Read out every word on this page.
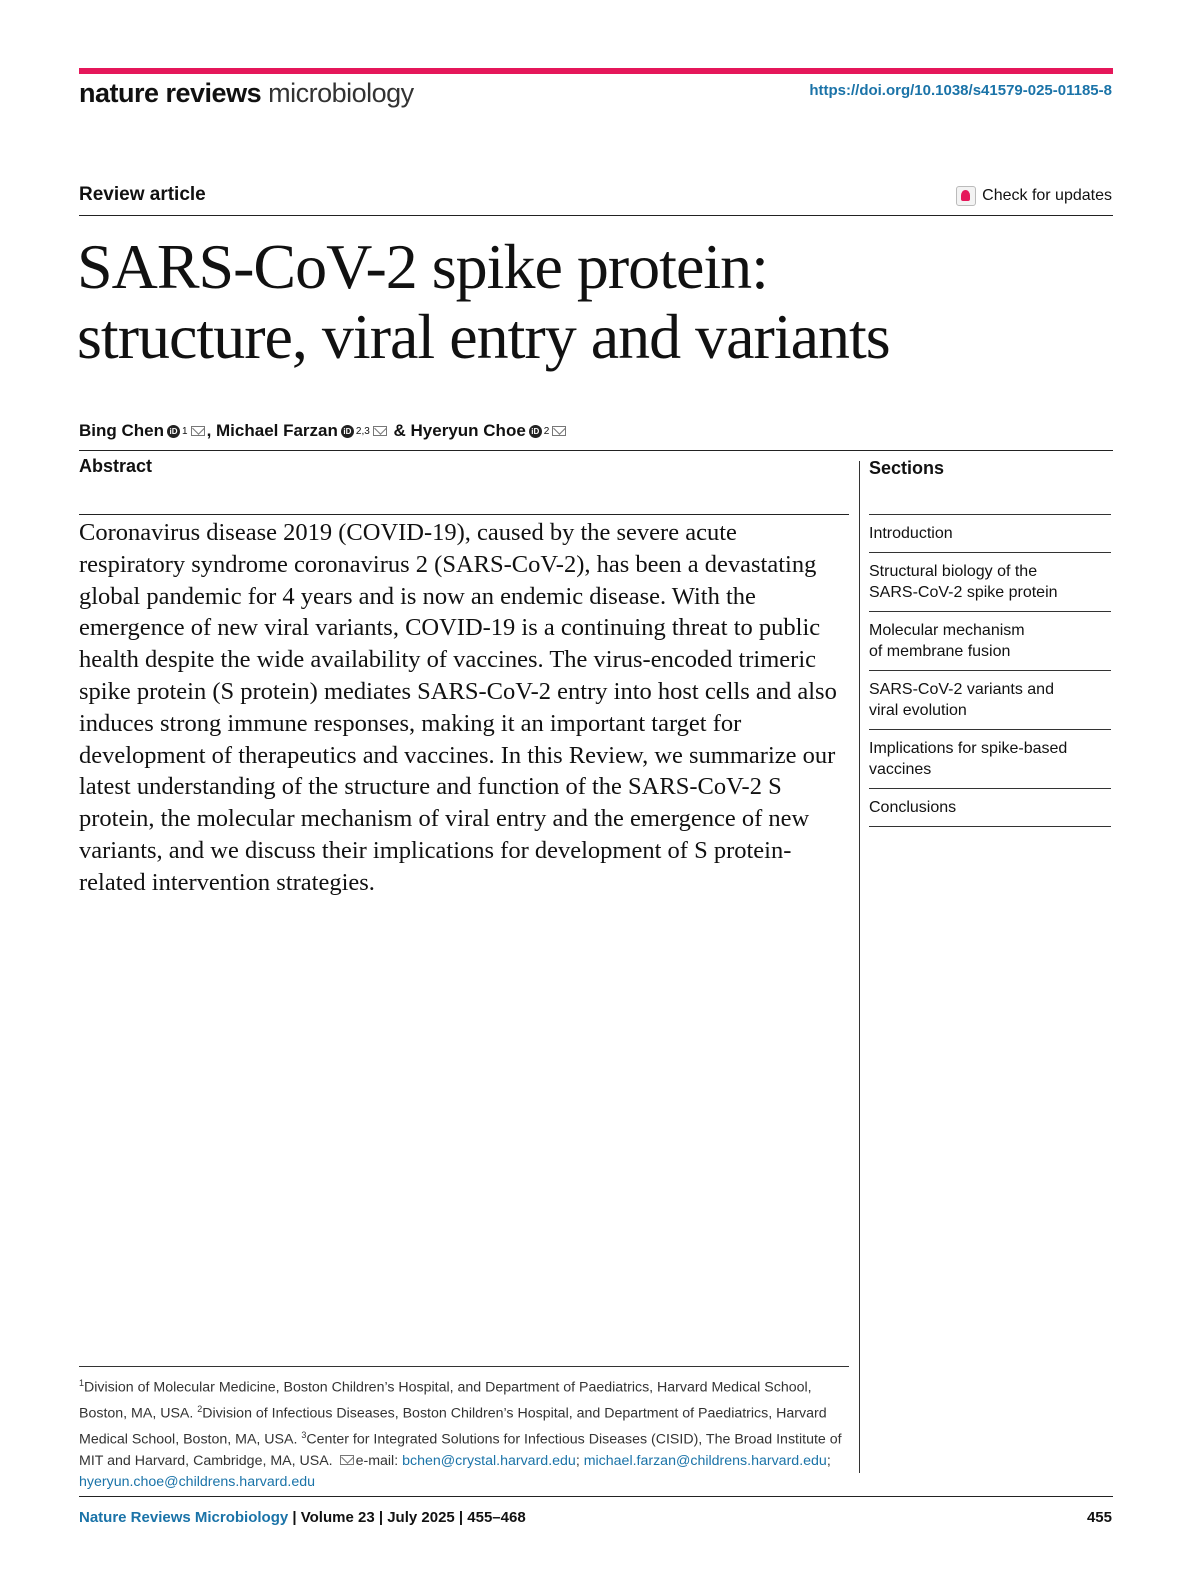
nature reviews microbiology	https://doi.org/10.1038/s41579-025-01185-8
Review article	Check for updates
SARS-CoV-2 spike protein:
structure, viral entry and variants
Bing Chen iD 1 , Michael Farzan iD 2,3 & Hyeryun Choe iD 2
Abstract

Coronavirus disease 2019 (COVID-19), caused by the severe acute respiratory syndrome coronavirus 2 (SARS-CoV-2), has been a devastating global pandemic for 4 years and is now an endemic disease. With the emergence of new viral variants, COVID-19 is a continuing threat to public health despite the wide availability of vaccines. The virus-encoded trimeric spike protein (S protein) mediates SARS-CoV-2 entry into host cells and also induces strong immune responses, making it an important target for development of therapeutics and vaccines. In this Review, we summarize our latest understanding of the structure and function of the SARS-CoV-2 S protein, the molecular mechanism of viral entry and the emergence of new variants, and we discuss their implications for development of S protein-related intervention strategies.

Sections
Introduction
Structural biology of the
SARS-CoV-2 spike protein
Molecular mechanism
of membrane fusion
SARS-CoV-2 variants and
viral evolution
Implications for spike-based
vaccines
Conclusions

$^1$Division of Molecular Medicine, Boston Children’s Hospital, and Department of Paediatrics, Harvard Medical School, Boston, MA, USA. $^2$Division of Infectious Diseases, Boston Children’s Hospital, and Department of Paediatrics, Harvard Medical School, Boston, MA, USA. $^3$Center for Integrated Solutions for Infectious Diseases (CISID), The Broad Institute of MIT and Harvard, Cambridge, MA, USA. e-mail: bchen@crystal.harvard.edu; michael.farzan@childrens.harvard.edu; hyeryun.choe@childrens.harvard.edu

Nature Reviews Microbiology | Volume 23 | July 2025 | 455–468	455
